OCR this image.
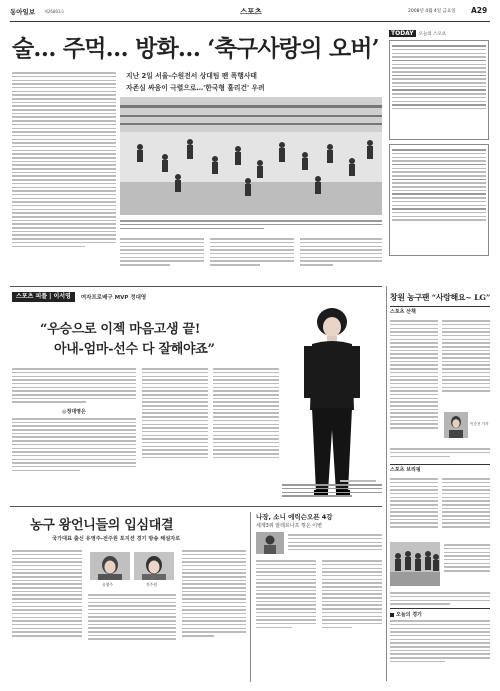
동아일보 제26803호	스포츠	2008년 4월 4일 금요일 A29
술… 주먹… 방화… ‘축구사랑의 오버’
지난 2일 서울-수원전서 상대팀 팬 폭행사태
자존심 싸움이 극렬으로…'한국형 훌리건' 우려
TODAY	오늘의 스포츠
스포츠 피플 | 이서영	여자프로배구 MVP 정대영
“우승으로 이젝 마음고생 끝!
아내-엄마-선수 다 잘해야죠”
◎정대영은
농구 왕언니들의 입심대결
국가대표 출신 유영주-전주원 포지션 경기 방송 해설자로
유영주	전주원
나장, 소니 에릭슨오픈 4강
세계3위 알레르나프 꺾은 이변
창원 농구팬 “사랑해요~ LG”
스포츠 산책
이승건 기자
스포츠 브리핑
오늘의 경기
